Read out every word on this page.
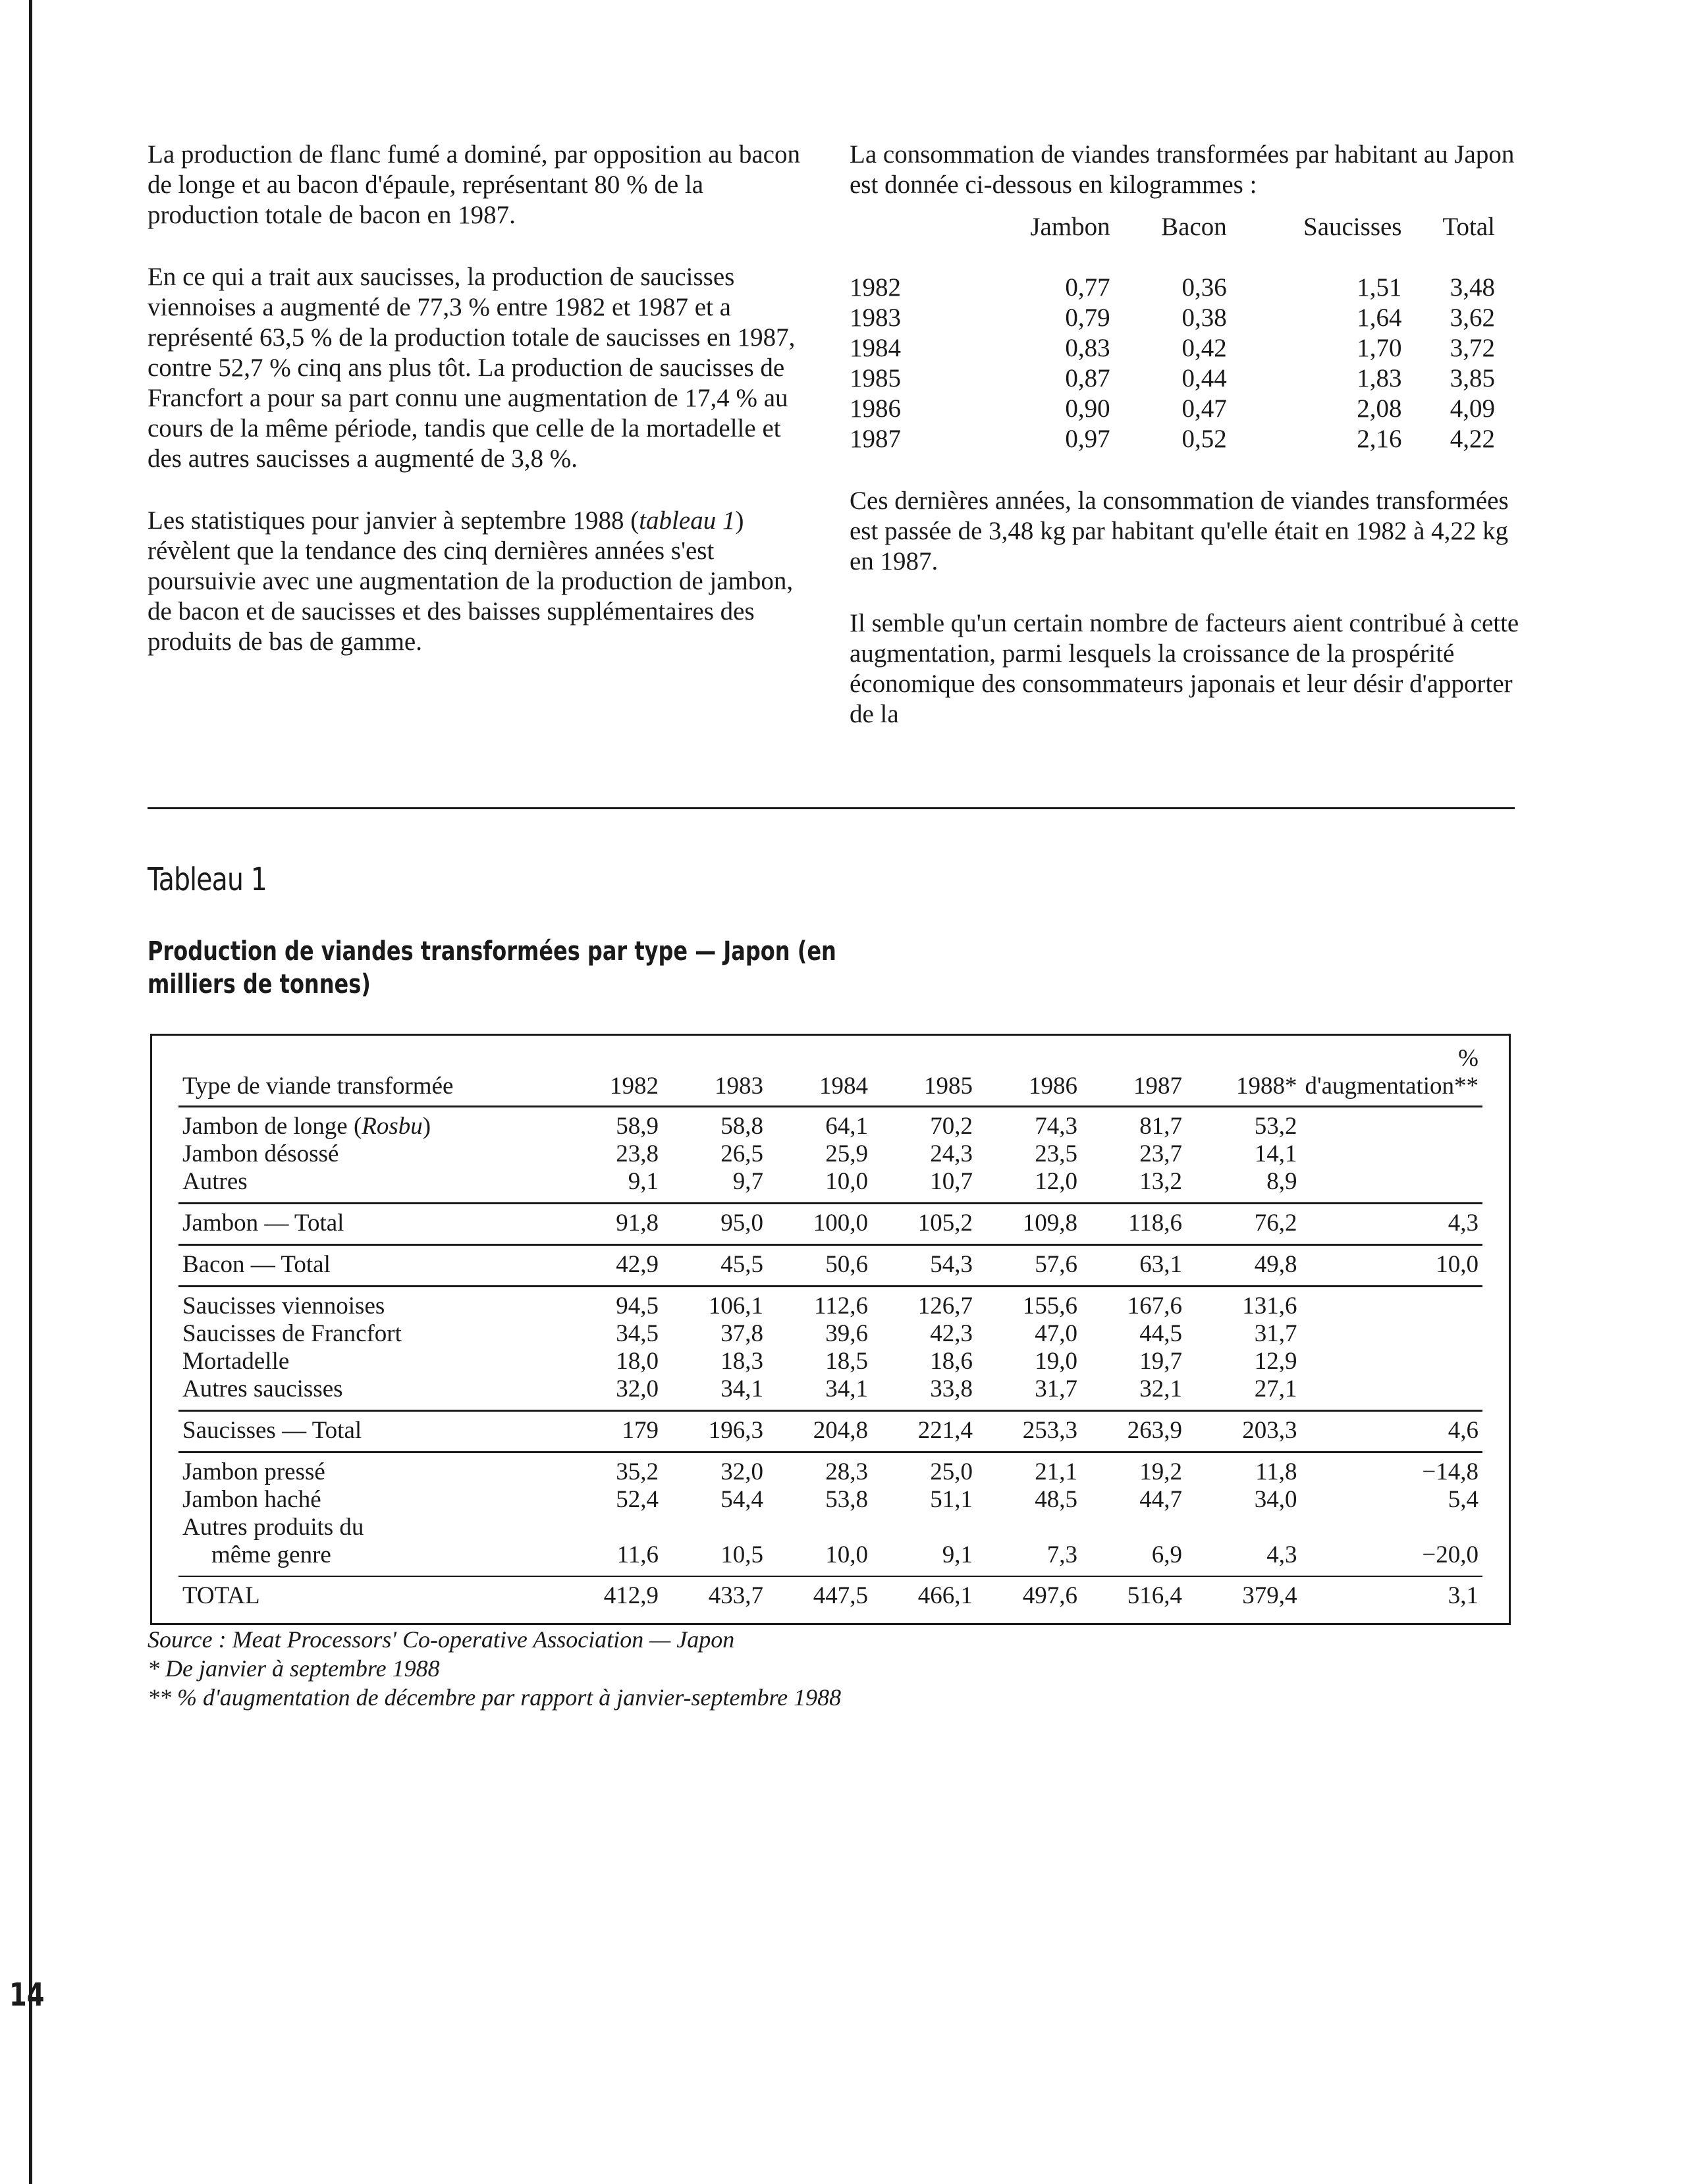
La production de flanc fumé a dominé, par opposition au bacon de longe et au bacon d'épaule, représentant 80 % de la production totale de bacon en 1987.

En ce qui a trait aux saucisses, la production de saucisses viennoises a augmenté de 77,3 % entre 1982 et 1987 et a représenté 63,5 % de la production totale de saucisses en 1987, contre 52,7 % cinq ans plus tôt. La production de saucisses de Francfort a pour sa part connu une augmentation de 17,4 % au cours de la même période, tandis que celle de la mortadelle et des autres saucisses a augmenté de 3,8 %.

Les statistiques pour janvier à septembre 1988 (tableau 1) révèlent que la tendance des cinq dernières années s'est poursuivie avec une augmentation de la production de jambon, de bacon et de saucisses et des baisses supplémentaires des produits de bas de gamme.

La consommation de viandes transformées par habitant au Japon est donnée ci-dessous en kilogrammes :

	Jambon	Bacon	Saucisses	Total
1982	0,77	0,36	1,51	3,48
1983	0,79	0,38	1,64	3,62
1984	0,83	0,42	1,70	3,72
1985	0,87	0,44	1,83	3,85
1986	0,90	0,47	2,08	4,09
1987	0,97	0,52	2,16	4,22

Ces dernières années, la consommation de viandes transformées est passée de 3,48 kg par habitant qu'elle était en 1982 à 4,22 kg en 1987.

Il semble qu'un certain nombre de facteurs aient contribué à cette augmentation, parmi lesquels la croissance de la prospérité économique des consommateurs japonais et leur désir d'apporter de la

Tableau 1
Production de viandes transformées par type — Japon (en milliers de tonnes)
Type de viande transformée	1982	1983	1984	1985	1986	1987	1988*	% d'augmentation**
Jambon de longe (Rosbu)	58,9	58,8	64,1	70,2	74,3	81,7	53,2	
Jambon désossé	23,8	26,5	25,9	24,3	23,5	23,7	14,1	
Autres	9,1	9,7	10,0	10,7	12,0	13,2	8,9	
Jambon — Total	91,8	95,0	100,0	105,2	109,8	118,6	76,2	4,3
Bacon — Total	42,9	45,5	50,6	54,3	57,6	63,1	49,8	10,0
Saucisses viennoises	94,5	106,1	112,6	126,7	155,6	167,6	131,6	
Saucisses de Francfort	34,5	37,8	39,6	42,3	47,0	44,5	31,7	
Mortadelle	18,0	18,3	18,5	18,6	19,0	19,7	12,9	
Autres saucisses	32,0	34,1	34,1	33,8	31,7	32,1	27,1	
Saucisses — Total	179	196,3	204,8	221,4	253,3	263,9	203,3	4,6
Jambon pressé	35,2	32,0	28,3	25,0	21,1	19,2	11,8	−14,8
Jambon haché	52,4	54,4	53,8	51,1	48,5	44,7	34,0	5,4
Autres produits du								
même genre	11,6	10,5	10,0	9,1	7,3	6,9	4,3	−20,0
TOTAL	412,9	433,7	447,5	466,1	497,6	516,4	379,4	3,1
Source : Meat Processors' Co-operative Association — Japon
* De janvier à septembre 1988
** % d'augmentation de décembre par rapport à janvier-septembre 1988
14
